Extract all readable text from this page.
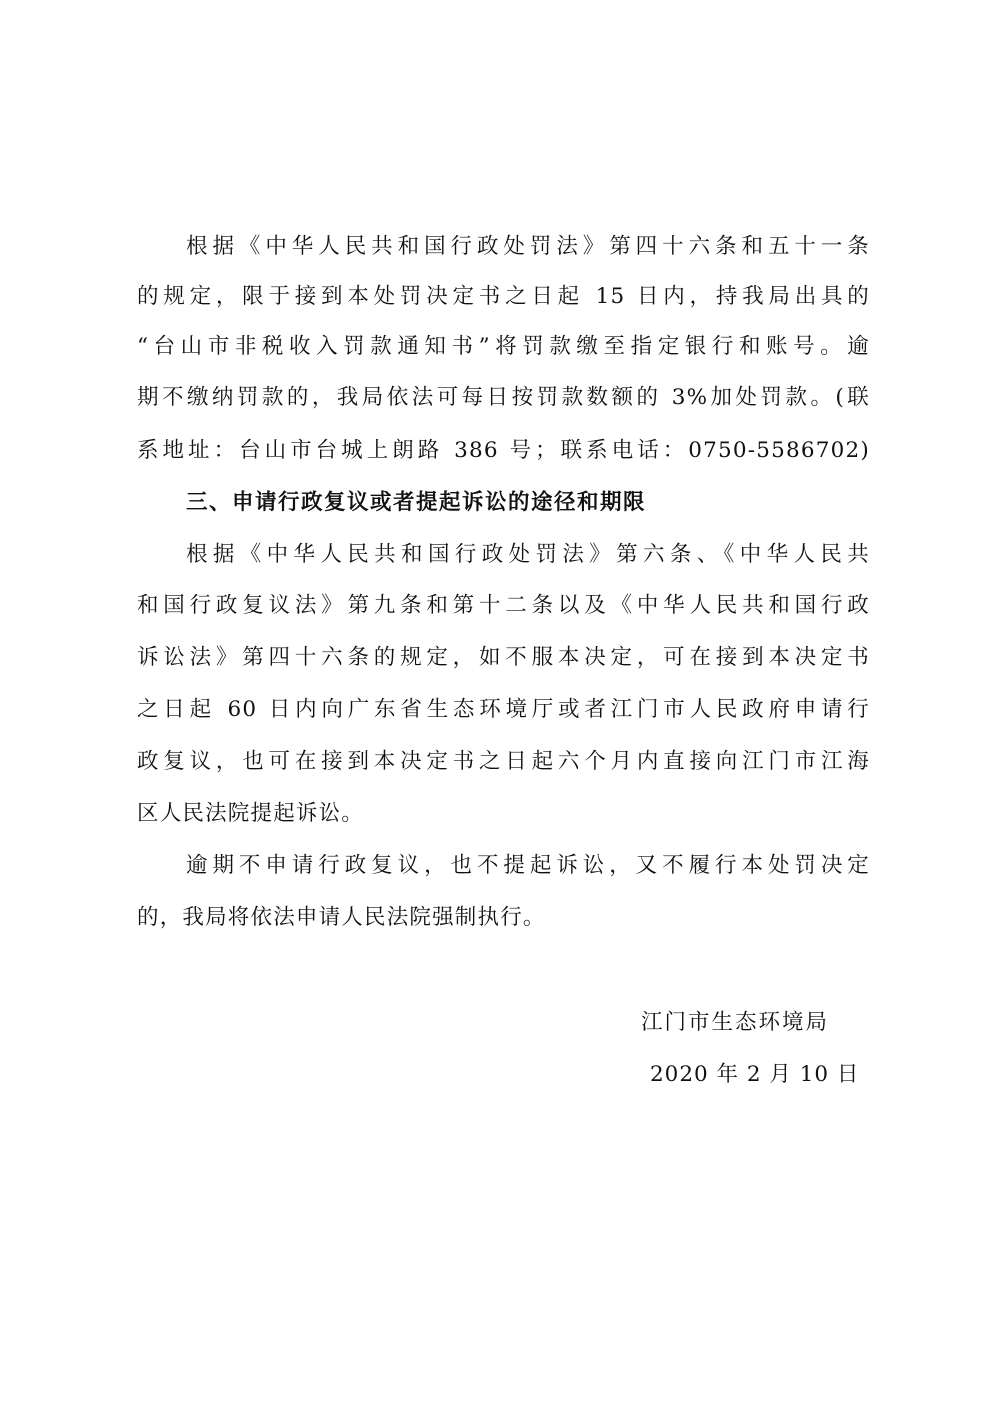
根据《中华人民共和国行政处罚法》第四十六条和五十一条
的规定，限于接到本处罚决定书之日起 15 日内，持我局出具的
“台山市非税收入罚款通知书”将罚款缴至指定银行和账号。逾
期不缴纳罚款的，我局依法可每日按罚款数额的 3%加处罚款。(联
系地址：台山市台城上朗路 386 号；联系电话：0750-5586702)
三、申请行政复议或者提起诉讼的途径和期限
根据《中华人民共和国行政处罚法》第六条、《中华人民共
和国行政复议法》第九条和第十二条以及《中华人民共和国行政
诉讼法》第四十六条的规定，如不服本决定，可在接到本决定书
之日起 60 日内向广东省生态环境厅或者江门市人民政府申请行
政复议，也可在接到本决定书之日起六个月内直接向江门市江海
区人民法院提起诉讼。
逾期不申请行政复议，也不提起诉讼，又不履行本处罚决定
的，我局将依法申请人民法院强制执行。
江门市生态环境局
2020 年 2 月 10 日
